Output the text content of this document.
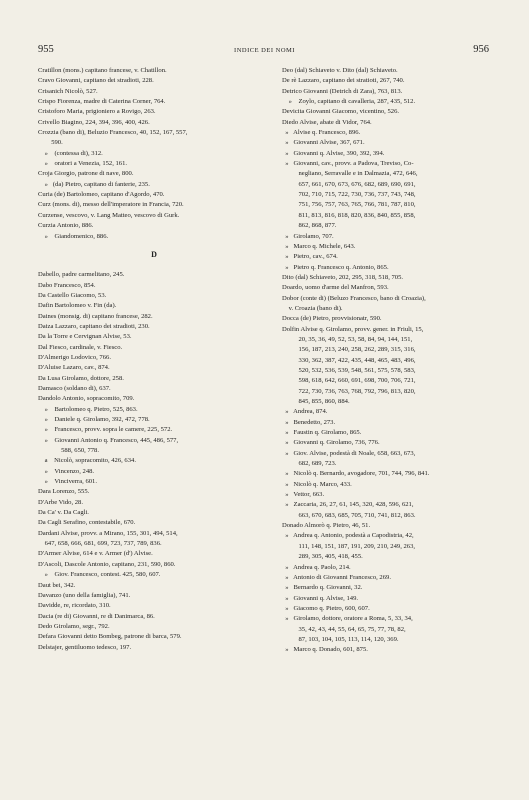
955	INDICE DEI NOMI	956
Cratillon (mons.) capitano francese, v. Chatillon.
Cravo Giovanni, capitano dei stradioti, 228.
Crisanich Nicolò, 527.
Crispo Fiorenza, madre di Caterina Corner, 764.
Cristoforo Maria, prigioniero a Rovigo, 263.
Crivello Biagino, 224, 394, 396, 400, 426.
Crozzia (bano di), Beluzio Francesco, 40, 152, 167, 557,
590.
»    (contessa di), 312.
»    oratori a Venezia, 152, 161.
Croja Giorgio, patrone di nave, 800.
»   (da) Pietro, capitano di fanterie, 235.
Curia (de) Bartolomeo, capitano d'Agordo, 470.
Curz (mons. di), messo dell'imperatore in Francia, 720.
Curzense, vescovo, v. Lang Matteo, vescovo di Gurk.
Curzia Antonio, 886.
»    Giandomenico, 886.
D
Dabello, padre carmelitano, 245.
Dabo Francesco, 854.
Da Castello Giacomo, 53.
Dafin Bartolomeo v. Fin (da).
Daines (monsig. di) capitano francese, 282.
Daiza Lazzaro, capitano dei stradioti, 230.
Da la Torre e Cervignan Alvise, 53.
Dal Fiesco, cardinale, v. Fiesco.
D'Almerigo Lodovico, 766.
D'Aluise Lazaro, cav., 874.
Da Lusa Girolamo, dottore, 258.
Damasco (soldano di), 637.
Dandolo Antonio, sopracomito, 709.
»    Bartolomeo q. Pietro, 525, 863.
»    Daniele q. Girolamo, 392, 472, 778.
»    Francesco, provv. sopra le camere, 225, 572.
»    Giovanni Antonio q. Francesco, 445, 486, 577,
588, 650, 778.
a    Nicolò, sopracomito, 426, 634.
»    Vincenzo, 248.
»    Vinciverra, 601.
Dara Lorenzo, 555.
D'Arbe Vido, 28.
Da Ca' v. Da Cagli.
Da Cagli Serafino, contestabile, 670.
Dardani Alvise, provv. a Mirano, 155, 301, 494, 514,
647, 658, 666, 681, 699, 723, 737, 789, 836.
D'Armer Alvise, 614 e v. Armer (d') Alvise.
D'Ascoli, Dascole Antonio, capitano, 231, 590, 860.
»    Giov. Francesco, contest. 425, 580, 607.
Daut bei, 342.
Davanzo (uno della famiglia), 741.
Davidde, re, ricordato, 310.
Dacia (re di) Giovanni, re di Danimarca, 86.
Dedo Girolamo, segr., 792.
Defara Giovanni detto Bombeg, patrone di barca, 579.
Delstajer, gentiluomo tedesco, 197.
Deo (dal) Schiaveto v. Dito (dal) Schiaveto.
De rè Lazzaro, capitano dei stratioti, 267, 740.
Detrico Giovanni (Detrich di Zara), 763, 813.
»    Zoylo, capitano di cavalleria, 287, 435, 512.
Devicita Giovanni Giacomo, vicentino, 526.
Diedo Alvise, abate di Vidor, 764.
»   Alvise q. Francesco, 896.
»   Giovanni Alvise, 367, 671.
»   Giovanni q. Alvise, 390, 392, 394.
»   Giovanni, cav., provv. a Padova, Treviso, Co-
negliano, Serravalle e in Dalmazia, 472, 646,
657, 661, 670, 673, 676, 682, 689, 690, 691,
702, 710, 715, 722, 730, 736, 737, 743, 748,
751, 756, 757, 763, 765, 766, 781, 787, 810,
811, 813, 816, 818, 820, 836, 840, 855, 858,
862, 868, 877.
»   Girolamo, 707.
»   Marco q. Michele, 643.
»   Pietro, cav., 674.
»   Pietro q. Francesco q. Antonio, 865.
Dito (dal) Schiaveto, 202, 295, 318, 518, 705.
Doardo, uomo d'arme del Manfron, 593.
Dobor (conte di) (Beluzo Francesco, bano di Croazia),
v. Croazia (bano di).
Docca (de) Pietro, provvisionatr, 590.
Dolfin Alvise q. Girolamo, provv. gener. in Friuli, 15,
20, 35, 36, 49, 52, 53, 58, 84, 94, 144, 151,
156, 187, 213, 240, 258, 262, 289, 315, 316,
330, 362, 387, 422, 435, 448, 465, 483, 496,
520, 532, 536, 539, 548, 561, 575, 578, 583,
598, 618, 642, 660, 691, 698, 700, 706, 721,
722, 730, 736, 763, 768, 792, 796, 813, 820,
845, 855, 860, 884.
»   Andrea, 874.
»   Benedetto, 273.
»   Faustin q. Girolamo, 865.
»   Giovanni q. Girolamo, 736, 776.
»   Giov. Alvise, podestà di Noale, 658, 663, 673,
682, 689, 723.
»   Nicolò q. Bernardo, avogadore, 701, 744, 796, 841.
»   Nicolò q. Marco, 433.
»   Vettor, 663.
»   Zaccaria, 26, 27, 61, 145, 320, 428, 596, 621,
663, 670, 683, 685, 705, 710, 741, 812, 863.
Donado Almorò q. Pietro, 46, 51.
»   Andrea q. Antonio, podestà a Capodistria, 42,
111, 148, 151, 187, 191, 209, 210, 249, 263,
289, 305, 405, 418, 455.
»   Andrea q. Paolo, 214.
»   Antonio di Giovanni Francesco, 269.
»   Bernardo q. Giovanni, 32.
»   Giovanni q. Alvise, 149.
»   Giacomo q. Pietro, 600, 607.
»   Girolamo, dottore, oratore a Roma, 5, 33, 34,
35, 42, 43, 44, 55, 64, 65, 75, 77, 78, 82,
87, 103, 104, 105, 113, 114, 120, 369.
»   Marco q. Donado, 601, 875.
